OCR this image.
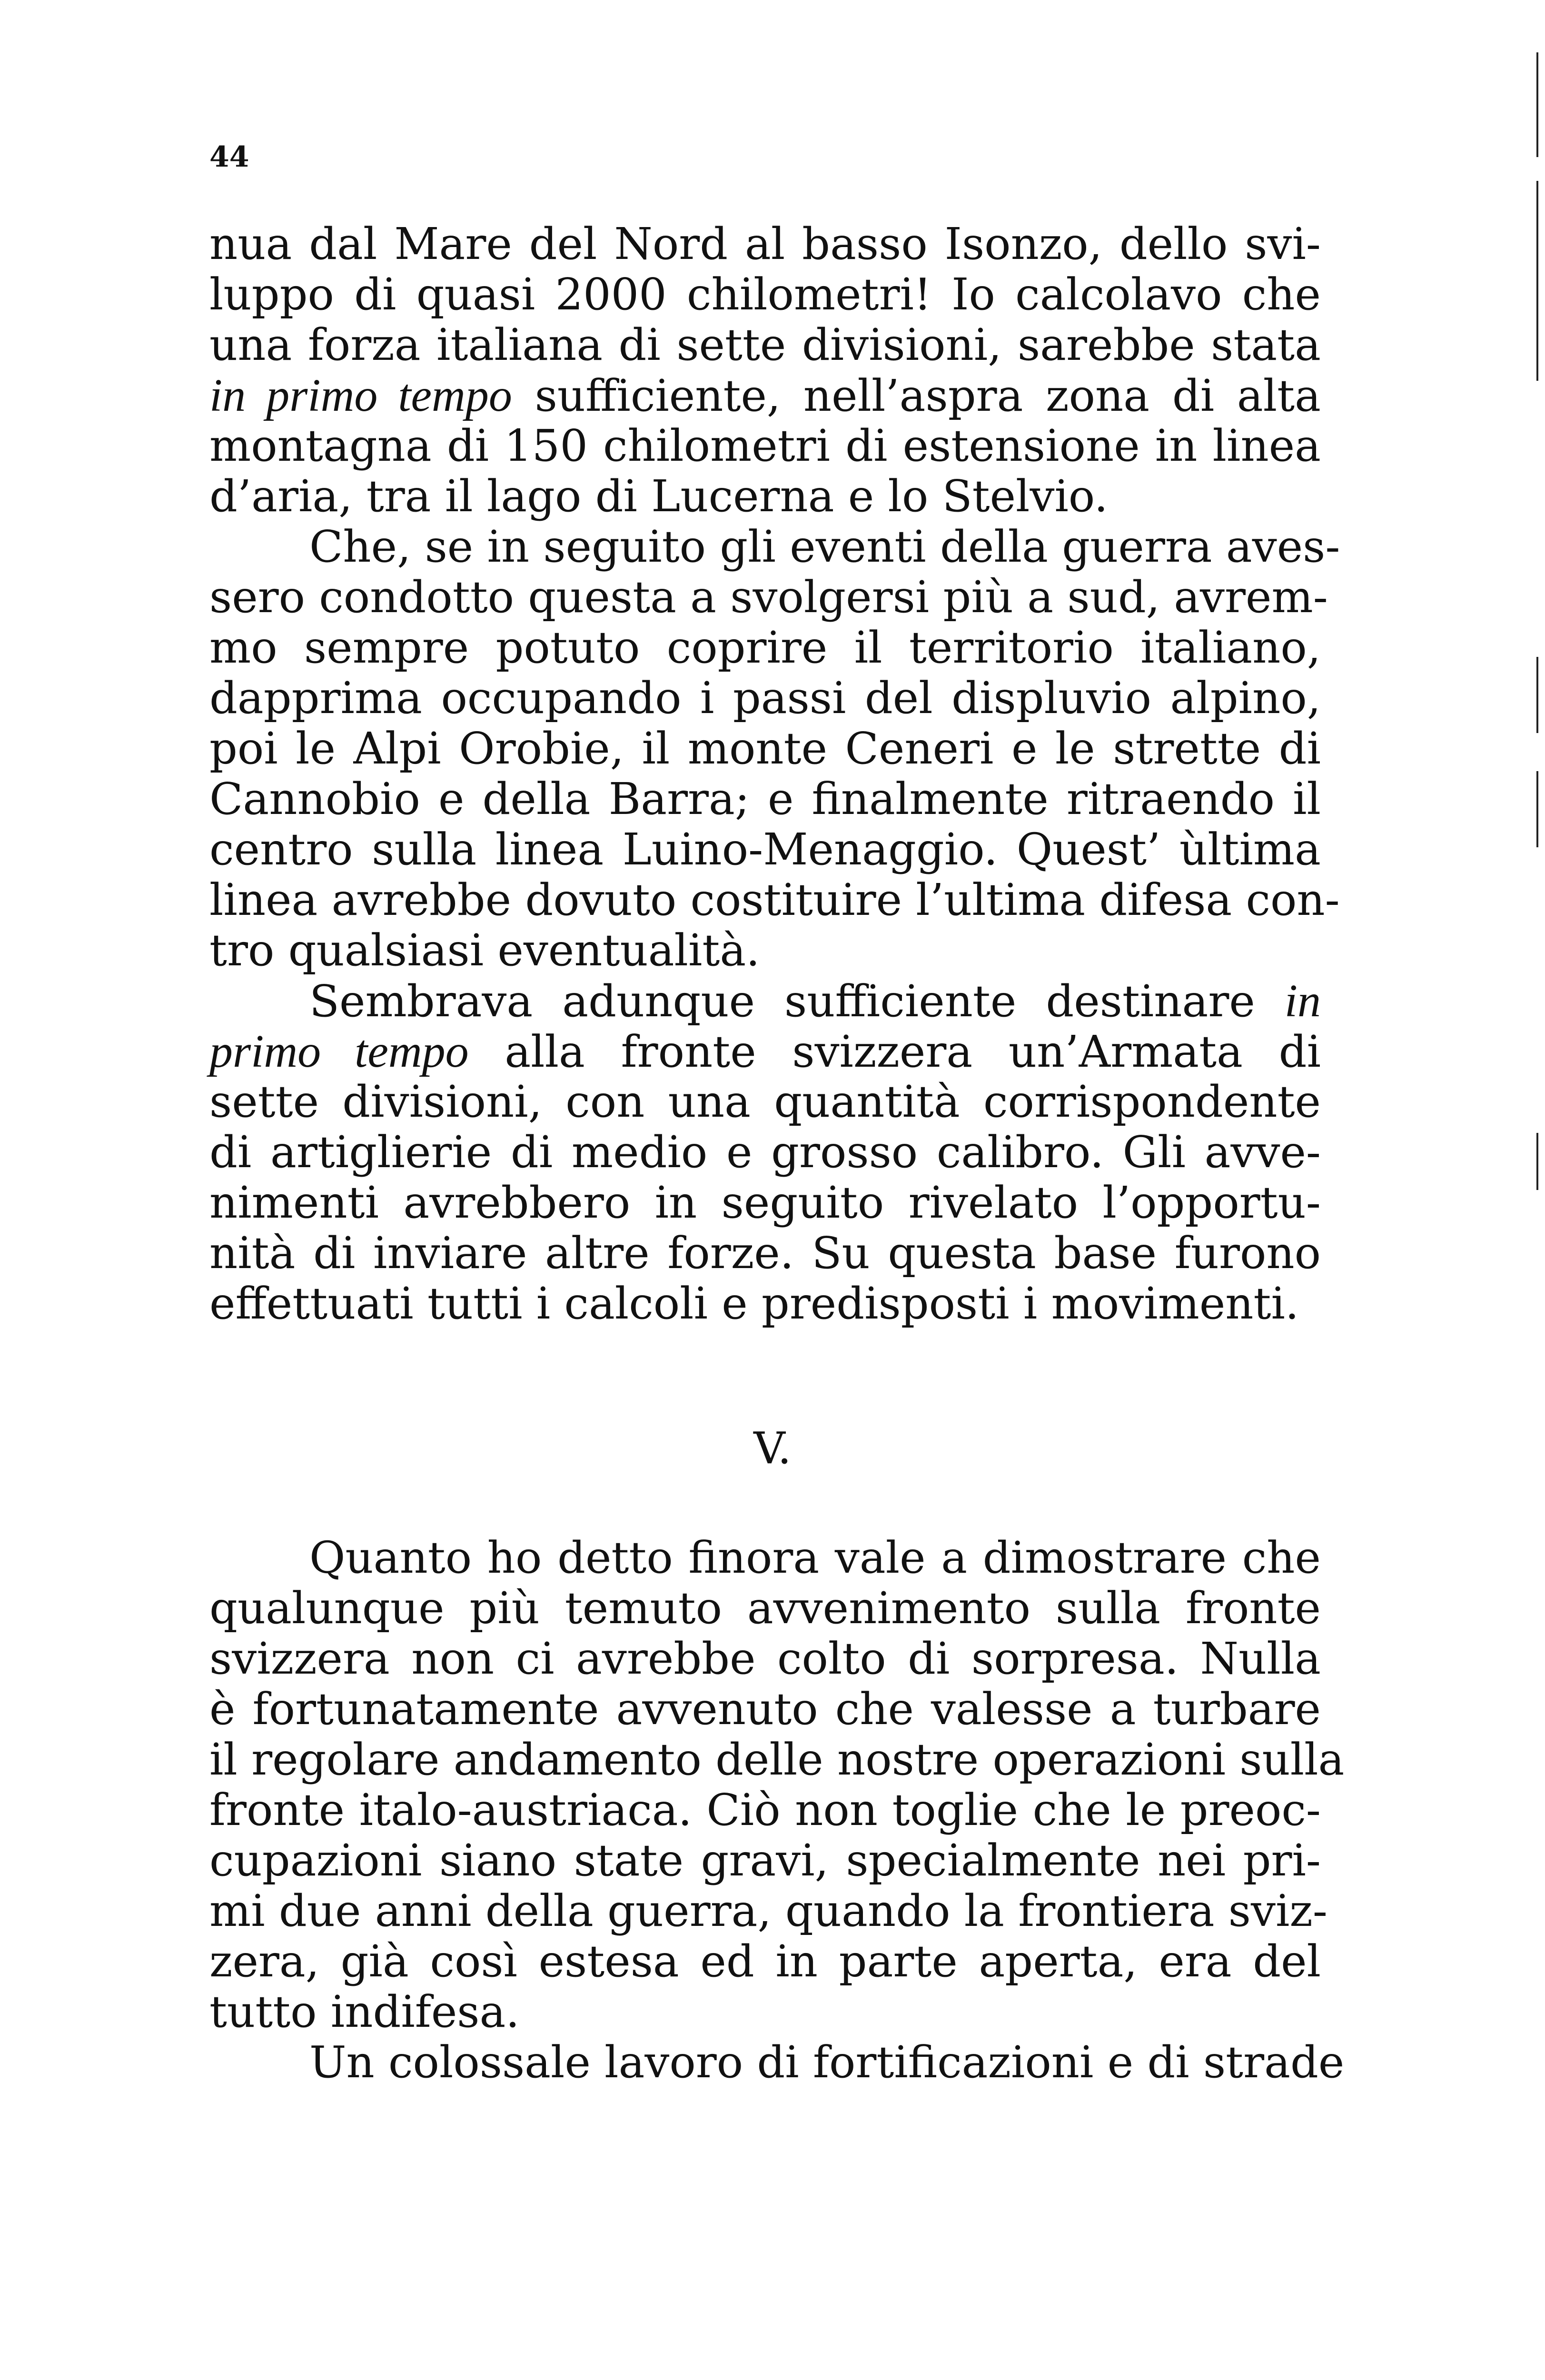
44
nua dal Mare del Nord al basso Isonzo, dello svi-
luppo di quasi 2000 chilometri! Io calcolavo che
una forza italiana di sette divisioni, sarebbe stata
in primo tempo sufficiente, nell’aspra zona di alta
montagna di 150 chilometri di estensione in linea
d’aria, tra il lago di Lucerna e lo Stelvio.
Che, se in seguito gli eventi della guerra aves-
sero condotto questa a svolgersi più a sud, avrem-
mo sempre potuto coprire il territorio italiano,
dapprima occupando i passi del displuvio alpino,
poi le Alpi Orobie, il monte Ceneri e le strette di
Cannobio e della Barra; e finalmente ritraendo il
centro sulla linea Luino-Menaggio. Quest’ ùltima
linea avrebbe dovuto costituire l’ultima difesa con-
tro qualsiasi eventualità.
Sembrava adunque sufficiente destinare in
primo tempo alla fronte svizzera un’Armata di
sette divisioni, con una quantità corrispondente
di artiglierie di medio e grosso calibro. Gli avve-
nimenti avrebbero in seguito rivelato l’opportu-
nità di inviare altre forze. Su questa base furono
effettuati tutti i calcoli e predisposti i movimenti.
V.
Quanto ho detto finora vale a dimostrare che
qualunque più temuto avvenimento sulla fronte
svizzera non ci avrebbe colto di sorpresa. Nulla
è fortunatamente avvenuto che valesse a turbare
il regolare andamento delle nostre operazioni sulla
fronte italo-austriaca. Ciò non toglie che le preoc-
cupazioni siano state gravi, specialmente nei pri-
mi due anni della guerra, quando la frontiera sviz-
zera, già così estesa ed in parte aperta, era del
tutto indifesa.
Un colossale lavoro di fortificazioni e di strade
